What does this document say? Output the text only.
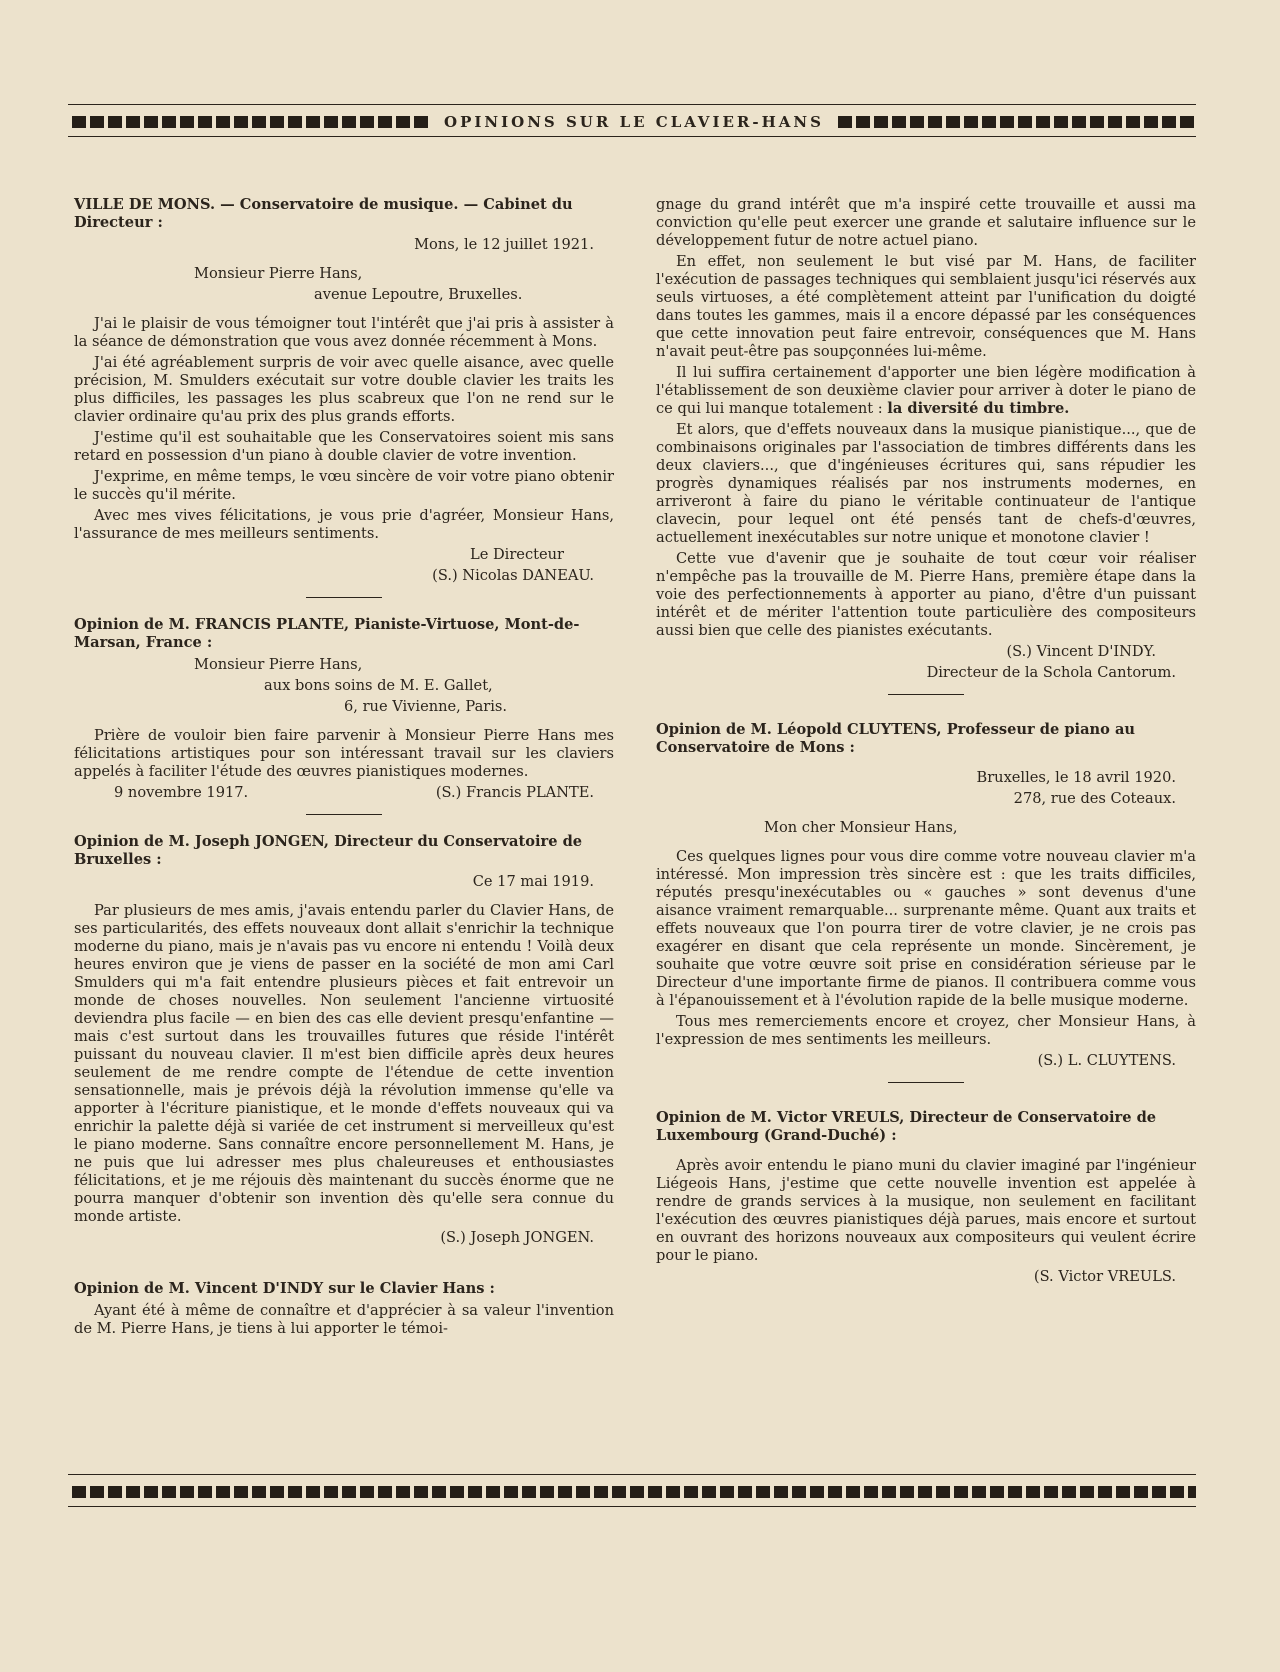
OPINIONS SUR LE CLAVIER-HANS

VILLE DE MONS. — Conservatoire de musique. — Cabinet du Directeur :

Mons, le 12 juillet 1921.

Monsieur Pierre Hans,

avenue Lepoutre, Bruxelles.

J'ai le plaisir de vous témoigner tout l'intérêt que j'ai pris à assister à la séance de démonstration que vous avez donnée récemment à Mons.

J'ai été agréablement surpris de voir avec quelle aisance, avec quelle précision, M. Smulders exécutait sur votre double clavier les traits les plus difficiles, les passages les plus scabreux que l'on ne rend sur le clavier ordinaire qu'au prix des plus grands efforts.

J'estime qu'il est souhaitable que les Conservatoires soient mis sans retard en possession d'un piano à double clavier de votre invention.

J'exprime, en même temps, le vœu sincère de voir votre piano obtenir le succès qu'il mérite.

Avec mes vives félicitations, je vous prie d'agréer, Monsieur Hans, l'assurance de mes meilleurs sentiments.

Le Directeur

(S.) Nicolas DANEAU.

Opinion de M. FRANCIS PLANTE, Pianiste-Virtuose, Mont-de-Marsan, France :

Monsieur Pierre Hans,

aux bons soins de M. E. Gallet,

6, rue Vivienne, Paris.

Prière de vouloir bien faire parvenir à Monsieur Pierre Hans mes félicitations artistiques pour son intéressant travail sur les claviers appelés à faciliter l'étude des œuvres pianistiques modernes.

9 novembre 1917.	(S.) Francis PLANTE.

Opinion de M. Joseph JONGEN, Directeur du Conservatoire de Bruxelles :

Ce 17 mai 1919.

Par plusieurs de mes amis, j'avais entendu parler du Clavier Hans, de ses particularités, des effets nouveaux dont allait s'enrichir la technique moderne du piano, mais je n'avais pas vu encore ni entendu ! Voilà deux heures environ que je viens de passer en la société de mon ami Carl Smulders qui m'a fait entendre plusieurs pièces et fait entrevoir un monde de choses nouvelles. Non seulement l'ancienne virtuosité deviendra plus facile — en bien des cas elle devient presqu'enfantine — mais c'est surtout dans les trouvailles futures que réside l'intérêt puissant du nouveau clavier. Il m'est bien difficile après deux heures seulement de me rendre compte de l'étendue de cette invention sensationnelle, mais je prévois déjà la révolution immense qu'elle va apporter à l'écriture pianistique, et le monde d'effets nouveaux qui va enrichir la palette déjà si variée de cet instrument si merveilleux qu'est le piano moderne. Sans connaître encore personnellement M. Hans, je ne puis que lui adresser mes plus chaleureuses et enthousiastes félicitations, et je me réjouis dès maintenant du succès énorme que ne pourra manquer d'obtenir son invention dès qu'elle sera connue du monde artiste.

(S.) Joseph JONGEN.

Opinion de M. Vincent D'INDY sur le Clavier Hans :

Ayant été à même de connaître et d'apprécier à sa valeur l'invention de M. Pierre Hans, je tiens à lui apporter le témoi-

gnage du grand intérêt que m'a inspiré cette trouvaille et aussi ma conviction qu'elle peut exercer une grande et salutaire influence sur le développement futur de notre actuel piano.

En effet, non seulement le but visé par M. Hans, de faciliter l'exécution de passages techniques qui semblaient jusqu'ici réservés aux seuls virtuoses, a été complètement atteint par l'unification du doigté dans toutes les gammes, mais il a encore dépassé par les conséquences que cette innovation peut faire entrevoir, conséquences que M. Hans n'avait peut-être pas soupçonnées lui-même.

Il lui suffira certainement d'apporter une bien légère modification à l'établissement de son deuxième clavier pour arriver à doter le piano de ce qui lui manque totalement : la diversité du timbre.

Et alors, que d'effets nouveaux dans la musique pianistique..., que de combinaisons originales par l'association de timbres différents dans les deux claviers..., que d'ingénieuses écritures qui, sans répudier les progrès dynamiques réalisés par nos instruments modernes, en arriveront à faire du piano le véritable continuateur de l'antique clavecin, pour lequel ont été pensés tant de chefs-d'œuvres, actuellement inexécutables sur notre unique et monotone clavier !

Cette vue d'avenir que je souhaite de tout cœur voir réaliser n'empêche pas la trouvaille de M. Pierre Hans, première étape dans la voie des perfectionnements à apporter au piano, d'être d'un puissant intérêt et de mériter l'attention toute particulière des compositeurs aussi bien que celle des pianistes exécutants.

(S.) Vincent D'INDY.

Directeur de la Schola Cantorum.

Opinion de M. Léopold CLUYTENS, Professeur de piano au Conservatoire de Mons :

Bruxelles, le 18 avril 1920.

278, rue des Coteaux.

Mon cher Monsieur Hans,

Ces quelques lignes pour vous dire comme votre nouveau clavier m'a intéressé. Mon impression très sincère est : que les traits difficiles, réputés presqu'inexécutables ou « gauches » sont devenus d'une aisance vraiment remarquable... surprenante même. Quant aux traits et effets nouveaux que l'on pourra tirer de votre clavier, je ne crois pas exagérer en disant que cela représente un monde. Sincèrement, je souhaite que votre œuvre soit prise en considération sérieuse par le Directeur d'une importante firme de pianos. Il contribuera comme vous à l'épanouissement et à l'évolution rapide de la belle musique moderne.

Tous mes remerciements encore et croyez, cher Monsieur Hans, à l'expression de mes sentiments les meilleurs.

(S.) L. CLUYTENS.

Opinion de M. Victor VREULS, Directeur de Conservatoire de Luxembourg (Grand-Duché) :

Après avoir entendu le piano muni du clavier imaginé par l'ingénieur Liégeois Hans, j'estime que cette nouvelle invention est appelée à rendre de grands services à la musique, non seulement en facilitant l'exécution des œuvres pianistiques déjà parues, mais encore et surtout en ouvrant des horizons nouveaux aux compositeurs qui veulent écrire pour le piano.

(S. Victor VREULS.
